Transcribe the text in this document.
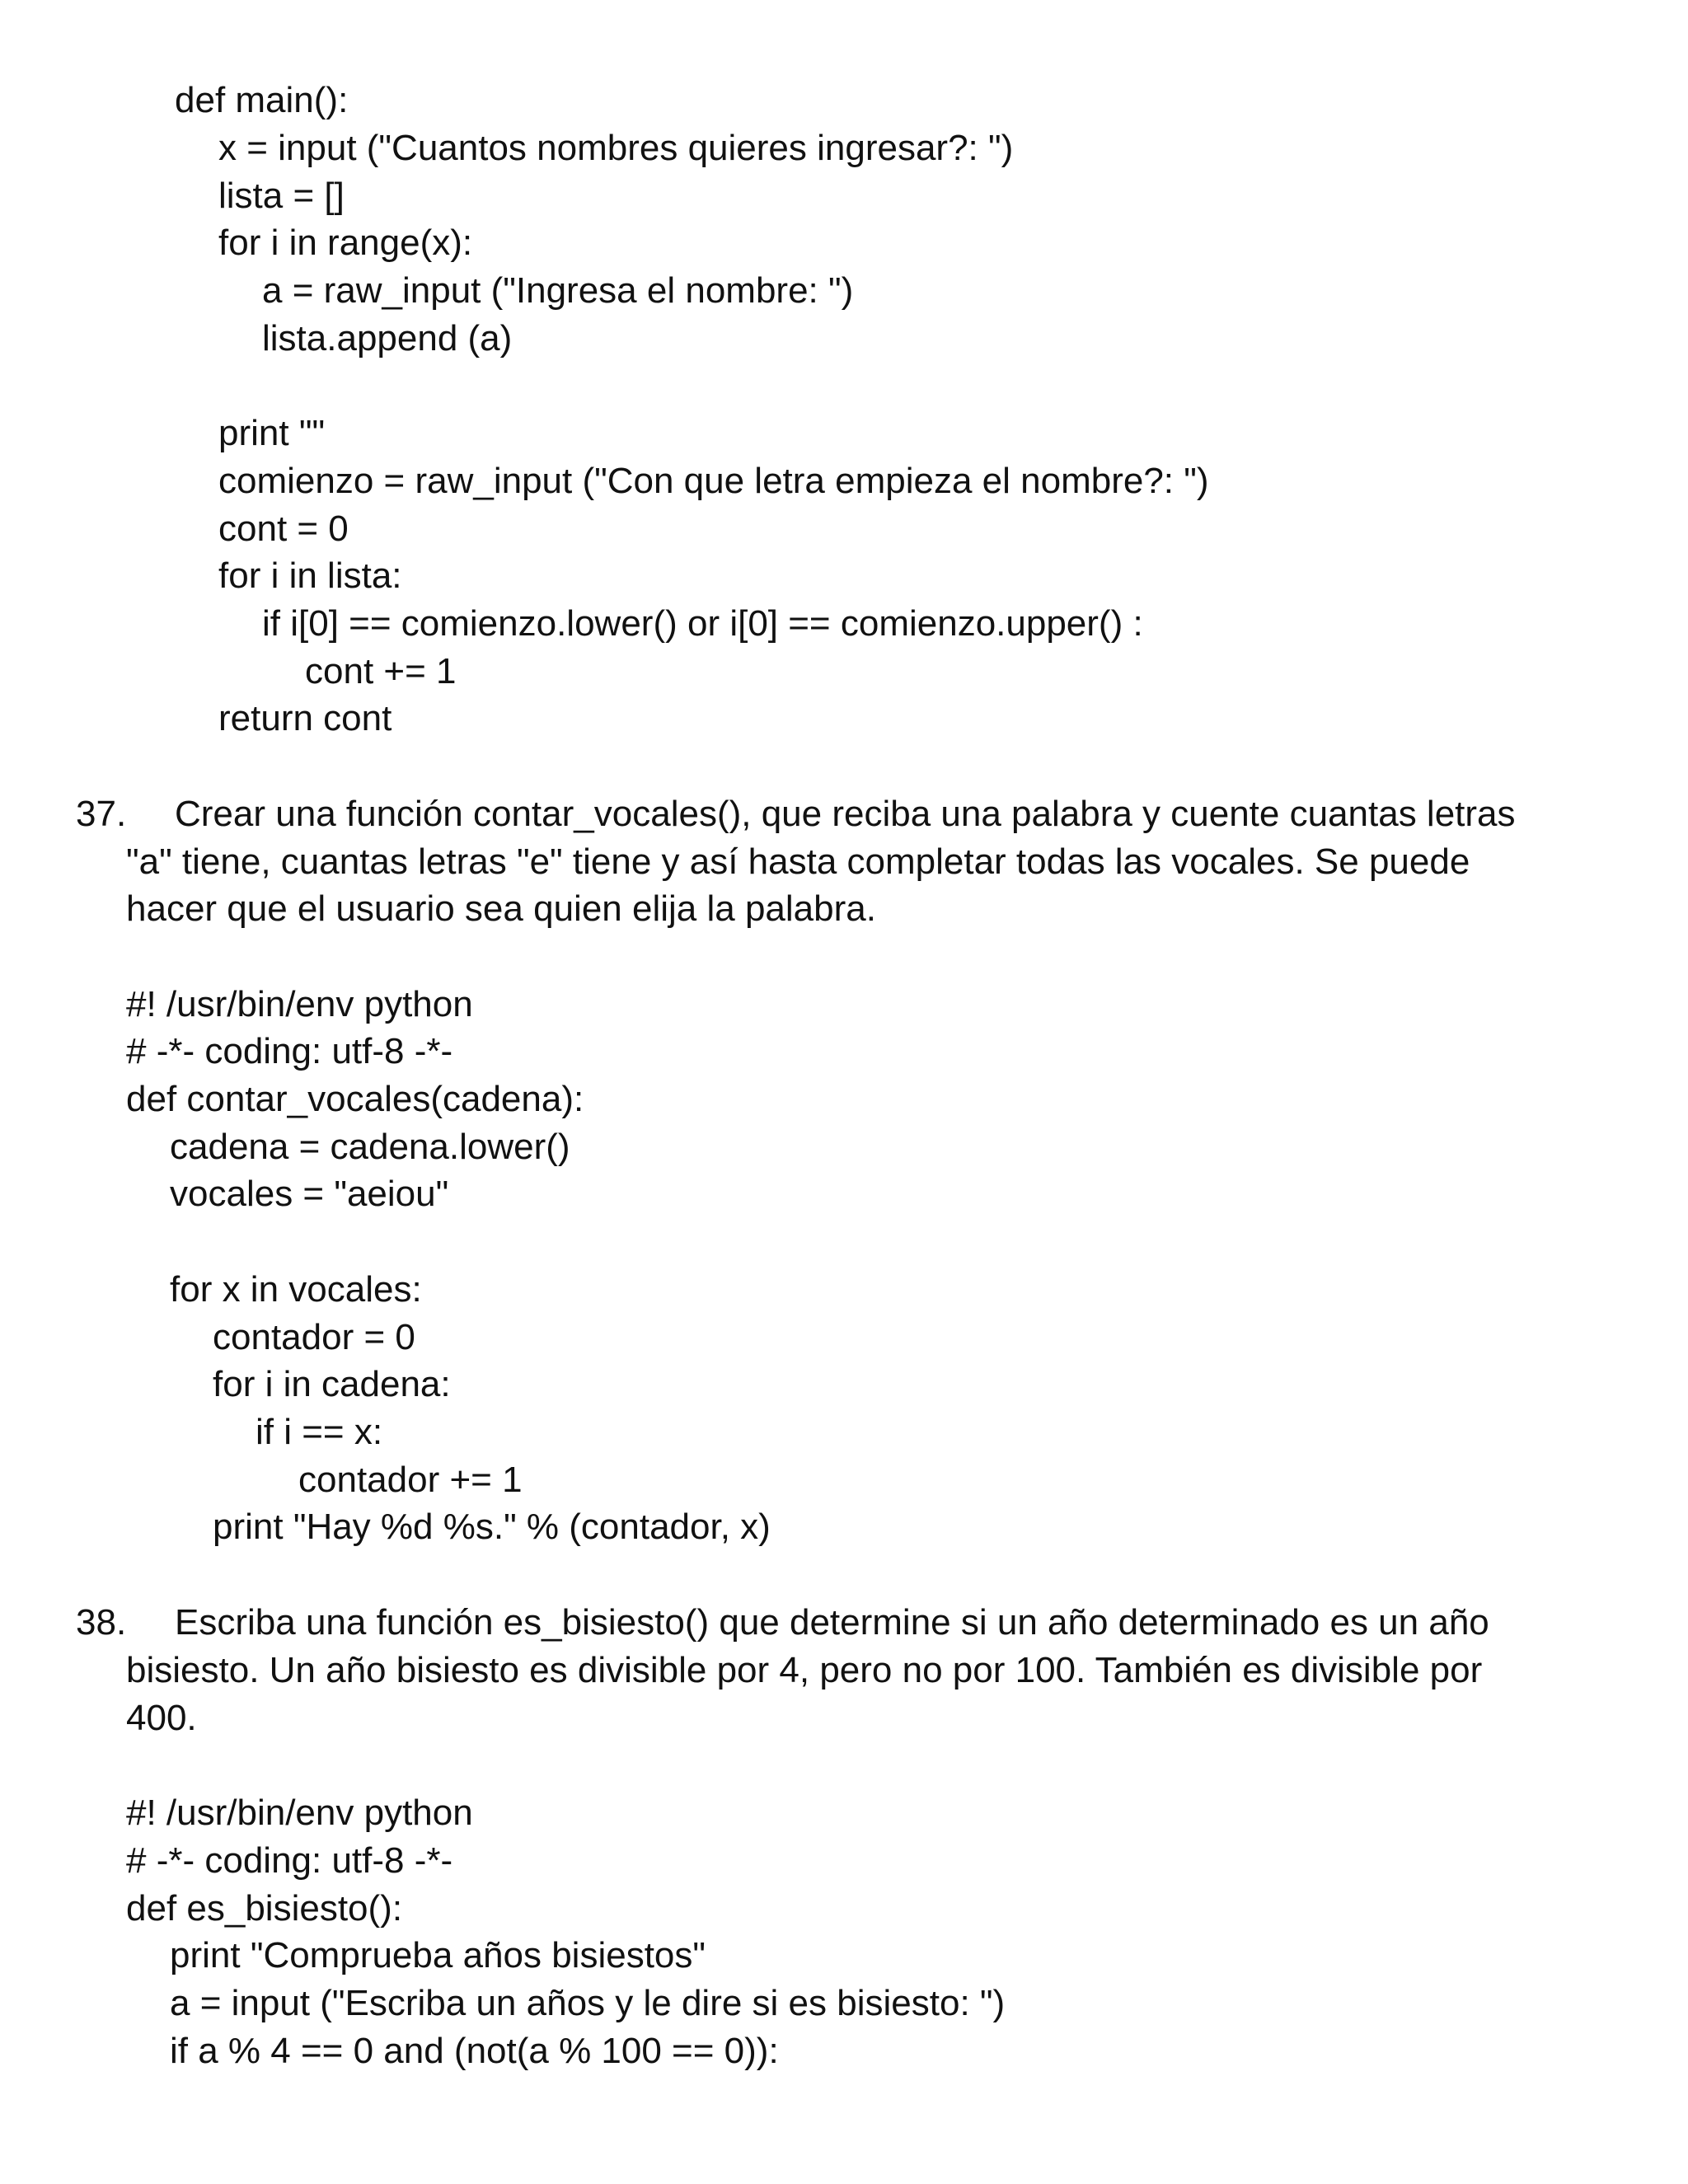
def main():

x = input ("Cuantos nombres quieres ingresar?: ")

lista = []

for i in range(x):

a = raw_input ("Ingresa el nombre: ")

lista.append (a)

print ""

comienzo = raw_input ("Con que letra empieza el nombre?: ")

cont = 0

for i in lista:

if i[0] == comienzo.lower() or i[0] == comienzo.upper() :

cont += 1

return cont

37. Crear una función contar_vocales(), que reciba una palabra y cuente cuantas letras

"a" tiene, cuantas letras "e" tiene y así hasta completar todas las vocales. Se puede

hacer que el usuario sea quien elija la palabra.

#! /usr/bin/env python

# -*- coding: utf-8 -*-

def contar_vocales(cadena):

cadena = cadena.lower()

vocales = "aeiou"

for x in vocales:

contador = 0

for i in cadena:

if i == x:

contador += 1

print "Hay %d %s." % (contador, x)

38. Escriba una función es_bisiesto() que determine si un año determinado es un año

bisiesto. Un año bisiesto es divisible por 4, pero no por 100. También es divisible por

400.

#! /usr/bin/env python

# -*- coding: utf-8 -*-

def es_bisiesto():

print "Comprueba años bisiestos"

a = input ("Escriba un años y le dire si es bisiesto: ")

if a % 4 == 0 and (not(a % 100 == 0)):
